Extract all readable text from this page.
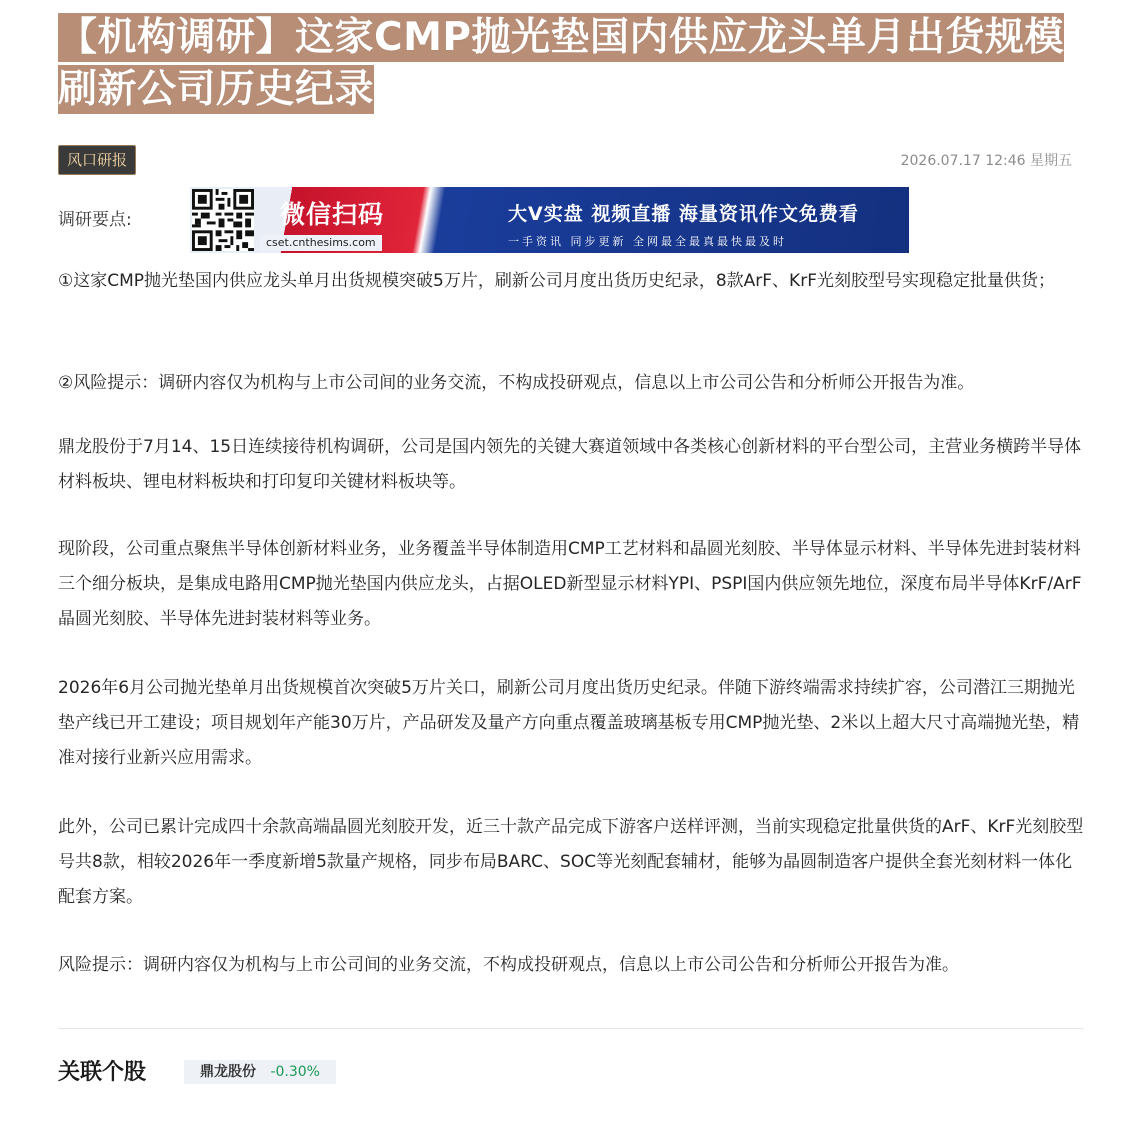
【机构调研】这家CMP抛光垫国内供应龙头单月出货规模刷新公司历史纪录
风口研报	2026.07.17 12:46 星期五
调研要点:	微信扫码
cset.cnthesims.com
大V实盘 视频直播 海量资讯作文免费看
一手资讯 同步更新 全网最全最真最快最及时

①这家CMP抛光垫国内供应龙头单月出货规模突破5万片，刷新公司月度出货历史纪录，8款ArF、KrF光刻胶型号实现稳定批量供货；

②风险提示：调研内容仅为机构与上市公司间的业务交流，不构成投研观点，信息以上市公司公告和分析师公开报告为准。

鼎龙股份于7月14、15日连续接待机构调研，公司是国内领先的关键大赛道领域中各类核心创新材料的平台型公司，主营业务横跨半导体材料板块、锂电材料板块和打印复印关键材料板块等。

现阶段，公司重点聚焦半导体创新材料业务，业务覆盖半导体制造用CMP工艺材料和晶圆光刻胶、半导体显示材料、半导体先进封装材料三个细分板块，是集成电路用CMP抛光垫国内供应龙头，占据OLED新型显示材料YPI、PSPI国内供应领先地位，深度布局半导体KrF/ArF晶圆光刻胶、半导体先进封装材料等业务。

2026年6月公司抛光垫单月出货规模首次突破5万片关口，刷新公司月度出货历史纪录。伴随下游终端需求持续扩容，公司潜江三期抛光垫产线已开工建设；项目规划年产能30万片，产品研发及量产方向重点覆盖玻璃基板专用CMP抛光垫、2米以上超大尺寸高端抛光垫，精准对接行业新兴应用需求。

此外，公司已累计完成四十余款高端晶圆光刻胶开发，近三十款产品完成下游客户送样评测，当前实现稳定批量供货的ArF、KrF光刻胶型号共8款，相较2026年一季度新增5款量产规格，同步布局BARC、SOC等光刻配套辅材，能够为晶圆制造客户提供全套光刻材料一体化配套方案。

风险提示：调研内容仅为机构与上市公司间的业务交流，不构成投研观点，信息以上市公司公告和分析师公开报告为准。

关联个股	鼎龙股份 -0.30%
